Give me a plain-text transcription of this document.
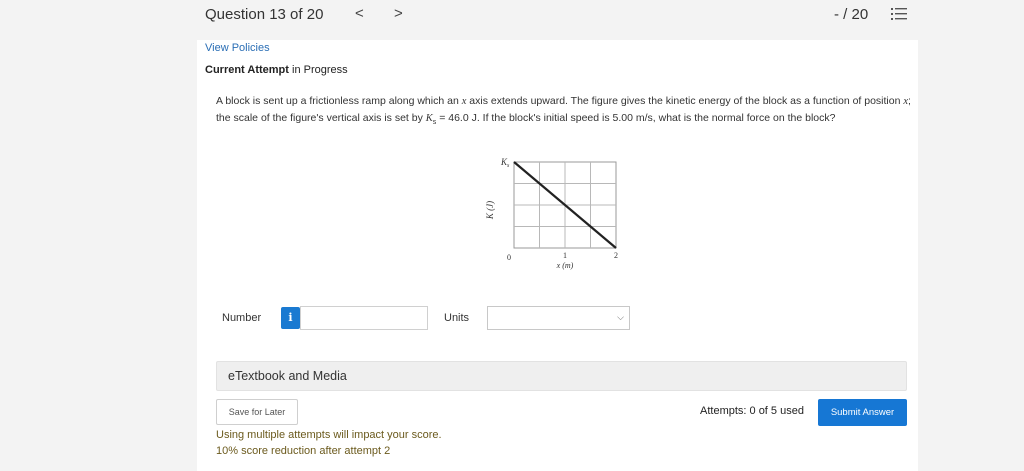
Question 13 of 20 < >	- / 20
View Policies
Current Attempt in Progress

A block is sent up a frictionless ramp along which an x axis extends upward. The figure gives the kinetic energy of the block as a function of position x; the scale of the figure's vertical axis is set by $K_s = 46.0$ J. If the block's initial speed is 5.00 m/s, what is the normal force on the block?

$K_s$
K (J)
0	1	2
x (m)
Number	i	Units	⌵
eTextbook and Media
Save for Later	Attempts: 0 of 5 used	Submit Answer
Using multiple attempts will impact your score.
10% score reduction after attempt 2
